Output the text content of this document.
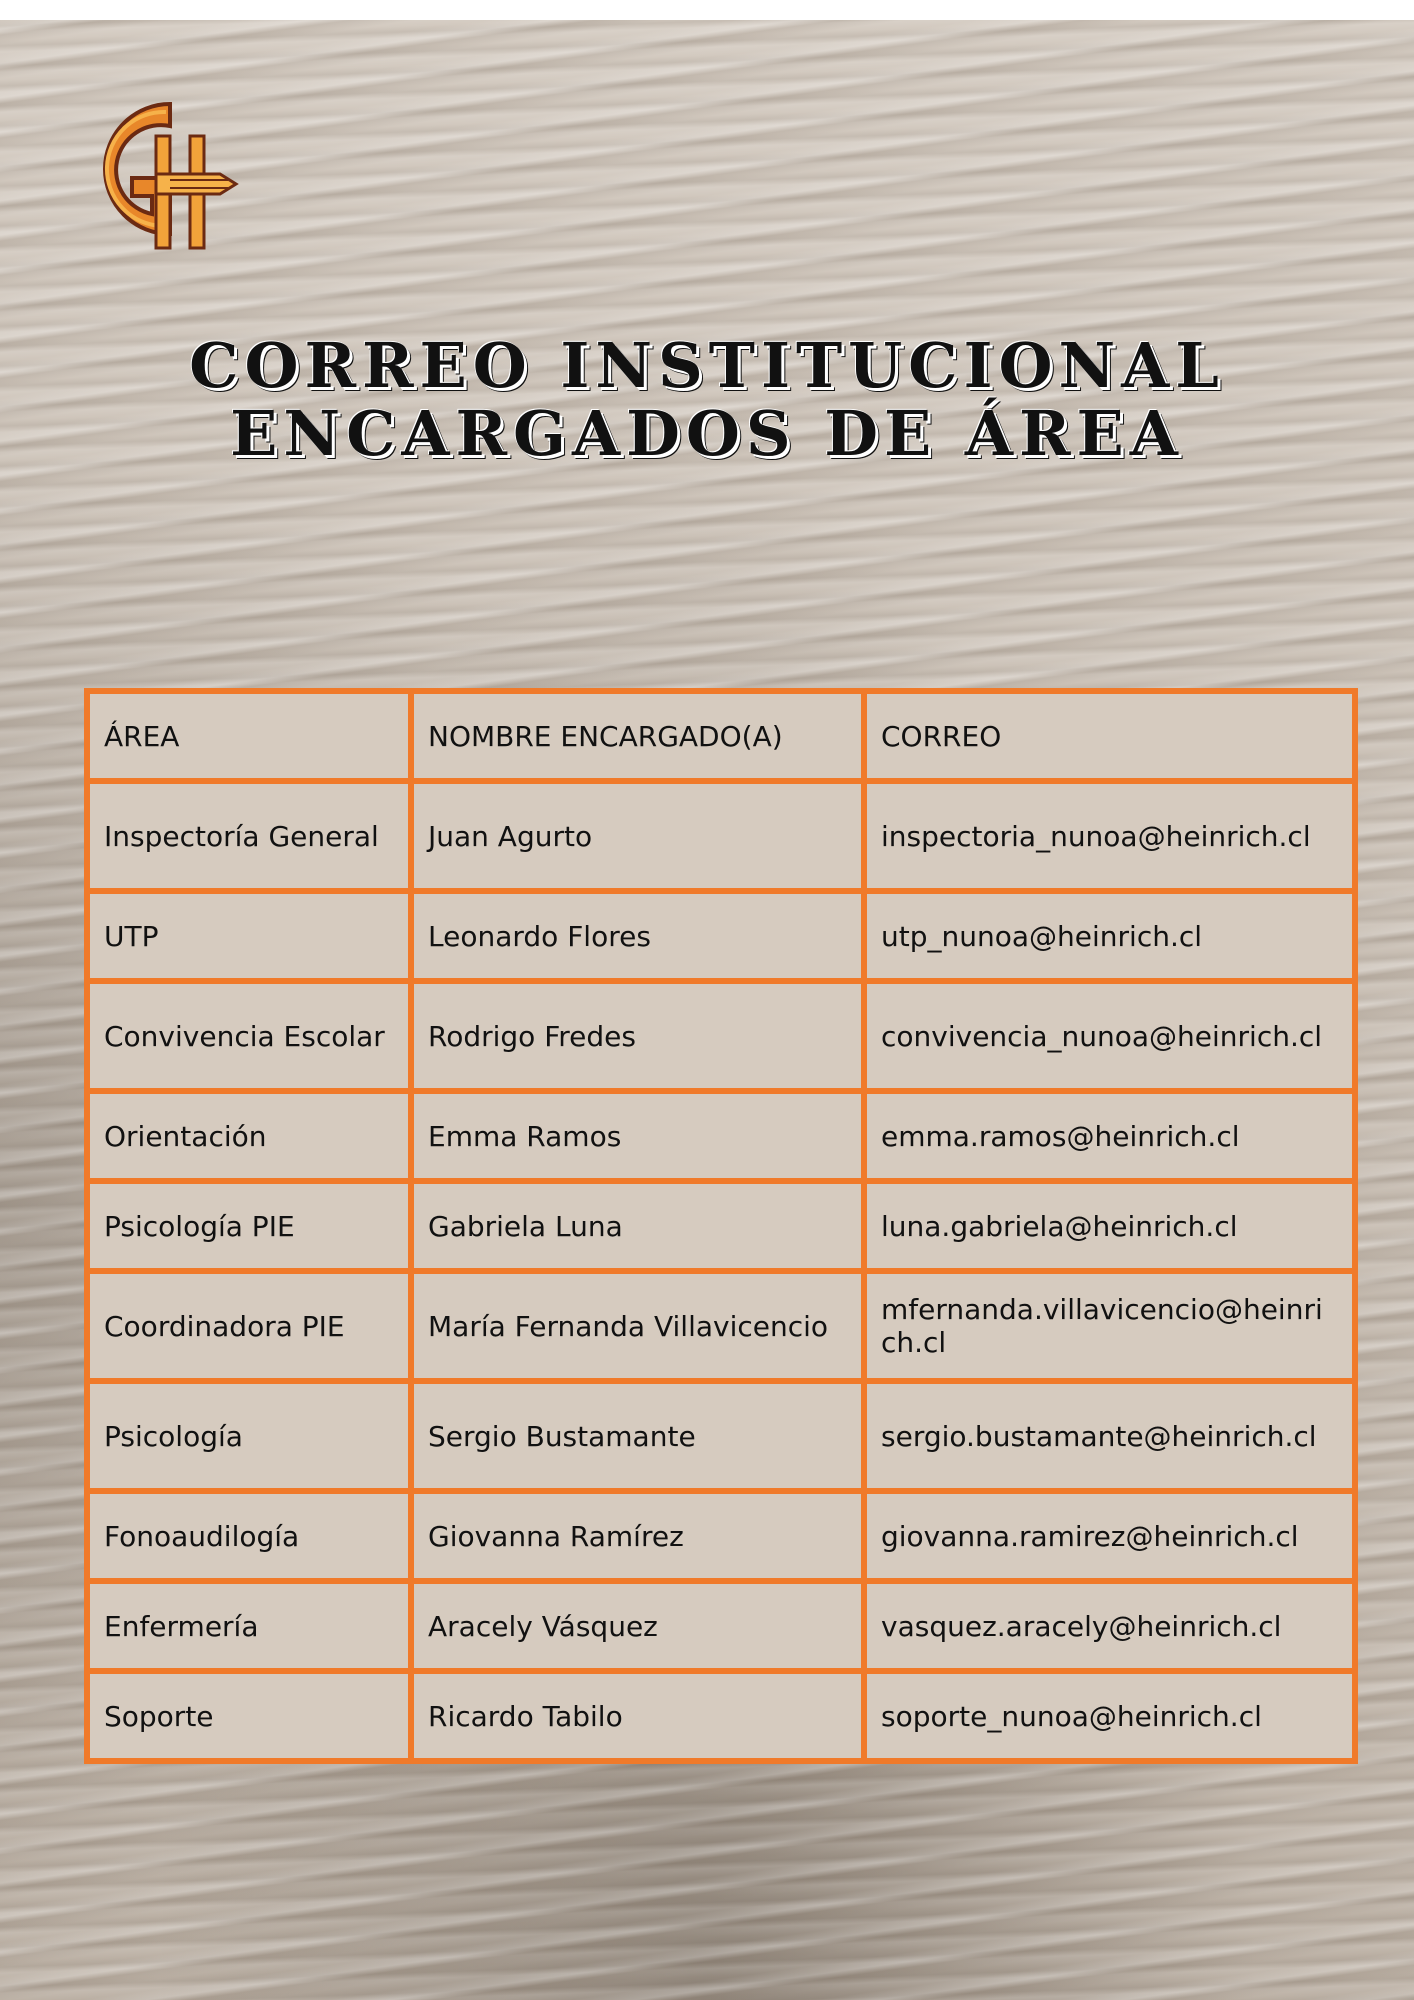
CORREO INSTITUCIONAL
ENCARGADOS DE ÁREA
ÁREA	NOMBRE ENCARGADO(A)	CORREO
Inspectoría General	Juan Agurto	inspectoria_nunoa@heinrich.cl
UTP	Leonardo Flores	utp_nunoa@heinrich.cl
Convivencia Escolar	Rodrigo Fredes	convivencia_nunoa@heinrich.cl
Orientación	Emma Ramos	emma.ramos@heinrich.cl
Psicología PIE	Gabriela Luna	luna.gabriela@heinrich.cl
Coordinadora PIE	María Fernanda Villavicencio	mfernanda.villavicencio@heinrich.cl
Psicología	Sergio Bustamante	sergio.bustamante@heinrich.cl
Fonoaudilogía	Giovanna Ramírez	giovanna.ramirez@heinrich.cl
Enfermería	Aracely Vásquez	vasquez.aracely@heinrich.cl
Soporte	Ricardo Tabilo	soporte_nunoa@heinrich.cl
